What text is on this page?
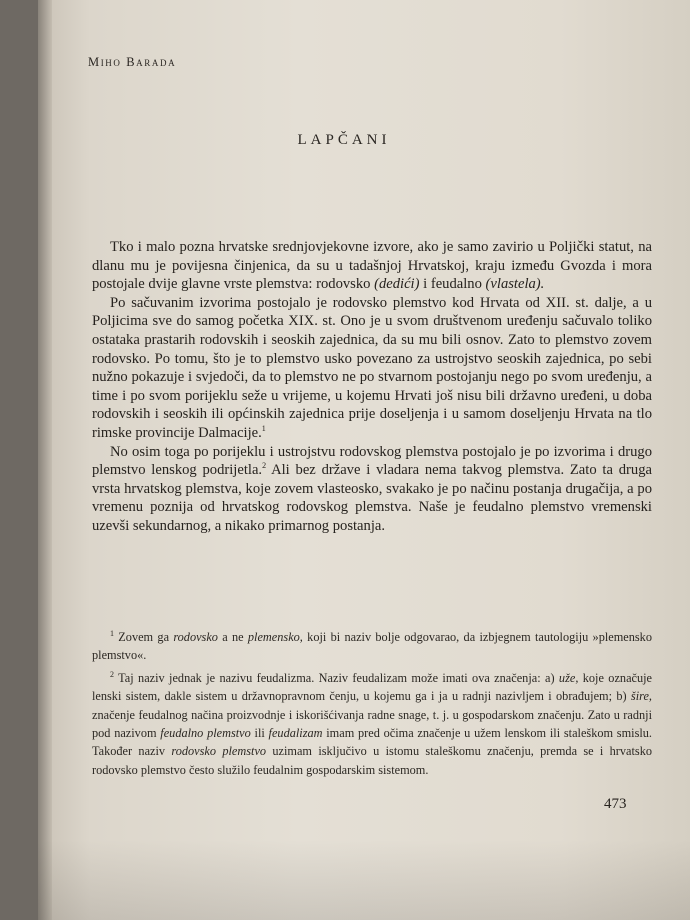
Miho Barada
LAPČANI

Tko i malo pozna hrvatske srednjovjekovne izvore, ako je samo zavirio u Poljički statut, na dlanu mu je povijesna činjenica, da su u tadašnjoj Hrvatskoj, kraju između Gvozda i mora postojale dvije glavne vrste plemstva: rodovsko (dedići) i feudalno (vlastela).

Po sačuvanim izvorima postojalo je rodovsko plemstvo kod Hrvata od XII. st. dalje, a u Poljicima sve do samog početka XIX. st. Ono je u svom društvenom uređenju sačuvalo toliko ostataka prastarih rodovskih i seoskih zajednica, da su mu bili osnov. Zato to plemstvo zovem rodovsko. Po tomu, što je to plemstvo usko povezano za ustrojstvo seoskih zajednica, po sebi nužno pokazuje i svjedoči, da to plemstvo ne po stvarnom postojanju nego po svom uređenju, a time i po svom porijeklu seže u vrijeme, u kojemu Hrvati još nisu bili državno uređeni, u doba rodovskih i seoskih ili općinskih zajednica prije doseljenja i u samom doseljenju Hrvata na tlo rimske provincije Dalmacije.$^1$

No osim toga po porijeklu i ustrojstvu rodovskog plemstva postojalo je po izvorima i drugo plemstvo lenskog podrijetla.$^2$ Ali bez države i vladara nema takvog plemstva. Zato ta druga vrsta hrvatskog plemstva, koje zovem vlasteosko, svakako je po načinu postanja drugačija, a po vremenu poznija od hrvatskog rodovskog plemstva. Naše je feudalno plemstvo vremenski uzevši sekundarnog, a nikako primarnog postanja.

$^1$ Zovem ga rodovsko a ne plemensko, koji bi naziv bolje odgovarao, da izbjegnem tautologiju »plemensko plemstvo«.

$^2$ Taj naziv jednak je nazivu feudalizma. Naziv feudalizam može imati ova značenja: a) uže, koje označuje lenski sistem, dakle sistem u državnopravnom čenju, u kojemu ga i ja u radnji nazivljem i obrađujem; b) šire, značenje feudalnog načina proizvodnje i iskorišćivanja radne snage, t. j. u gospodarskom značenju. Zato u radnji pod nazivom feudalno plemstvo ili feudalizam imam pred očima značenje u užem lenskom ili staleškom smislu. Također naziv rodovsko plemstvo uzimam isključivo u istomu staleškomu značenju, premda se i hrvatsko rodovsko plemstvo često služilo feudalnim gospodarskim sistemom.

473
